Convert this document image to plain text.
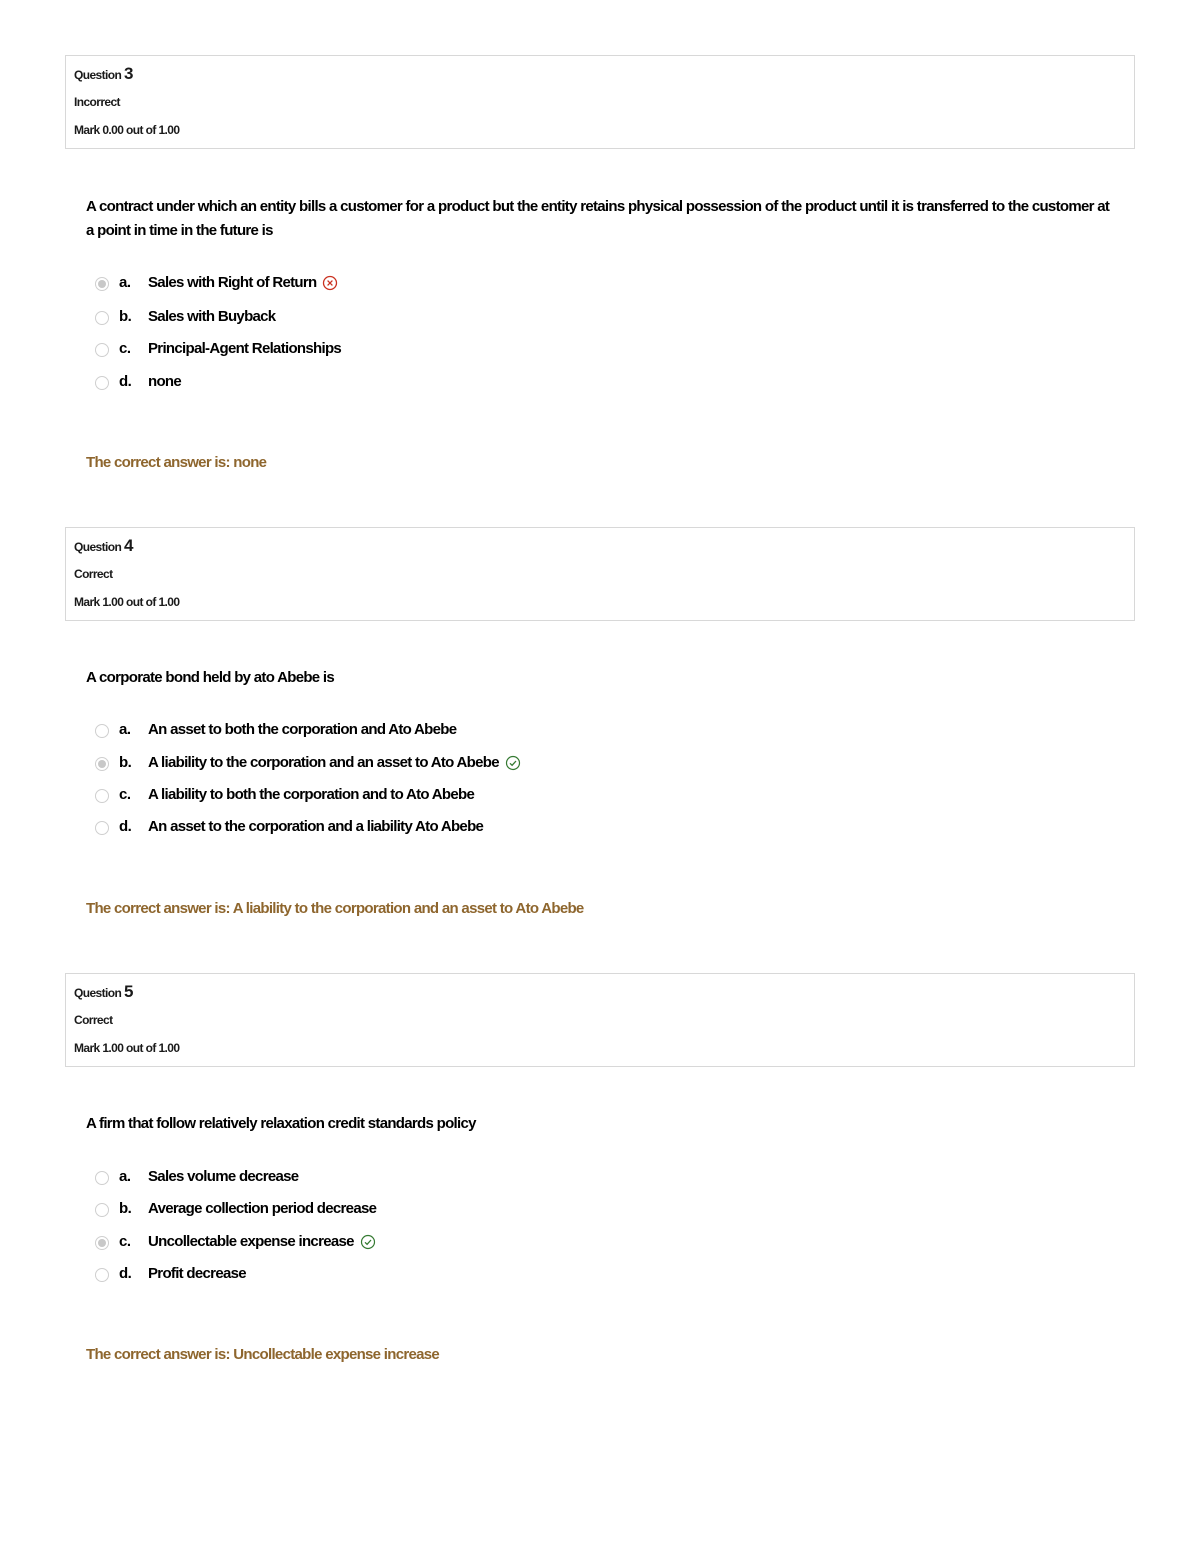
Question 3
Incorrect
Mark 0.00 out of 1.00
A contract under which an entity bills a customer for a product but the entity retains physical possession of the product until it is transferred to the customer at a point in time in the future is
a. Sales with Right of Return
b. Sales with Buyback
c. Principal-Agent Relationships
d. none
The correct answer is: none
Question 4
Correct
Mark 1.00 out of 1.00
A corporate bond held by ato Abebe is
a. An asset to both the corporation and Ato Abebe
b. A liability to the corporation and an asset to Ato Abebe
c. A liability to both the corporation and to Ato Abebe
d. An asset to the corporation and a liability Ato Abebe
The correct answer is: A liability to the corporation and an asset to Ato Abebe
Question 5
Correct
Mark 1.00 out of 1.00
A firm that follow relatively relaxation credit standards policy
a. Sales volume decrease
b. Average collection period decrease
c. Uncollectable expense increase
d. Profit decrease
The correct answer is: Uncollectable expense increase
